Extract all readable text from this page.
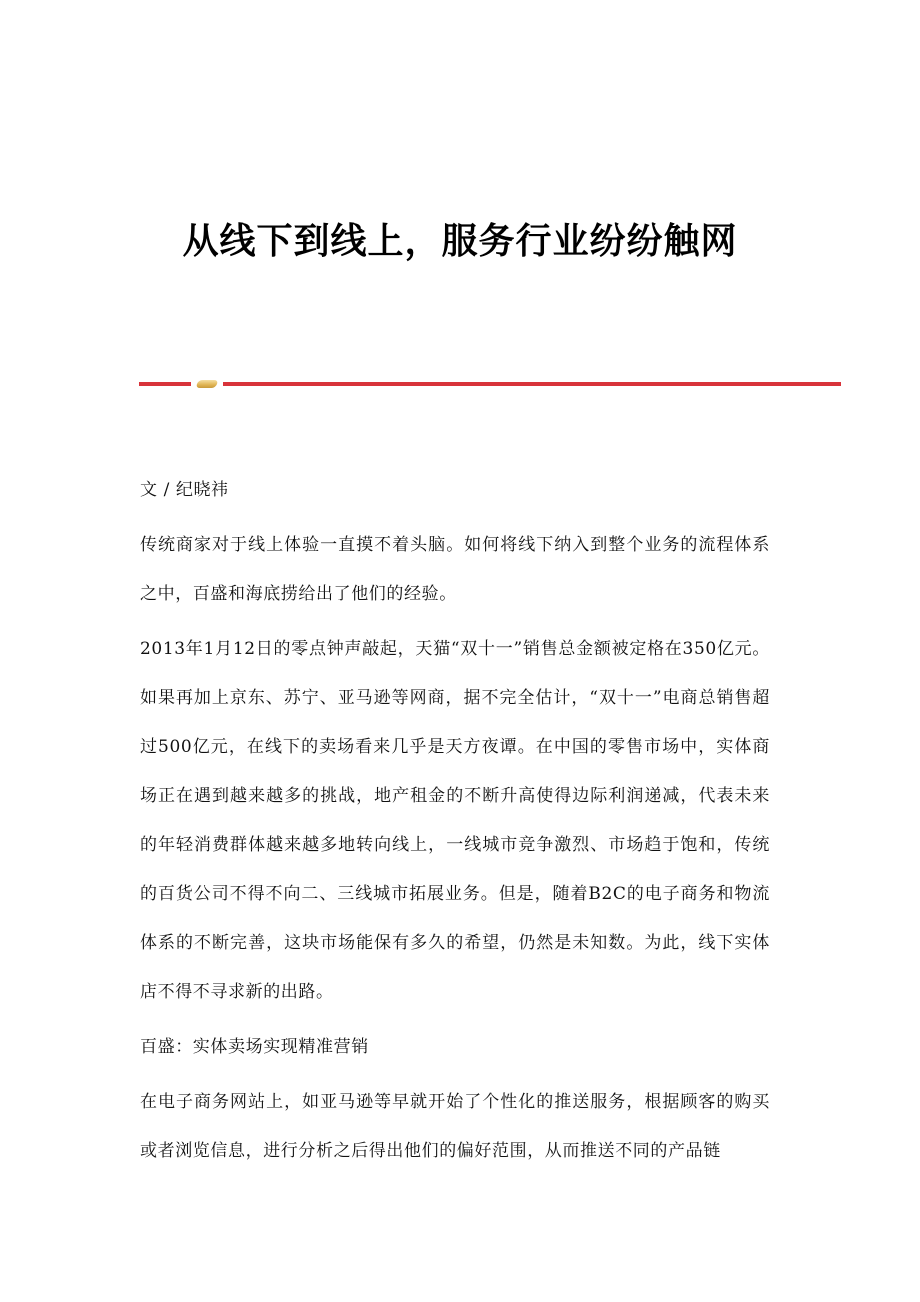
从线下到线上，服务行业纷纷触网

文 / 纪晓祎

传统商家对于线上体验一直摸不着头脑。如何将线下纳入到整个业务的流程体系之中，百盛和海底捞给出了他们的经验。

2013年1月12日的零点钟声敲起，天猫“双十一”销售总金额被定格在350亿元。如果再加上京东、苏宁、亚马逊等网商，据不完全估计，“双十一”电商总销售超过500亿元，在线下的卖场看来几乎是天方夜谭。在中国的零售市场中，实体商场正在遇到越来越多的挑战，地产租金的不断升高使得边际利润递减，代表未来的年轻消费群体越来越多地转向线上，一线城市竞争激烈、市场趋于饱和，传统的百货公司不得不向二、三线城市拓展业务。但是，随着B2C的电子商务和物流体系的不断完善，这块市场能保有多久的希望，仍然是未知数。为此，线下实体店不得不寻求新的出路。

百盛：实体卖场实现精准营销

在电子商务网站上，如亚马逊等早就开始了个性化的推送服务，根据顾客的购买或者浏览信息，进行分析之后得出他们的偏好范围，从而推送不同的产品链
